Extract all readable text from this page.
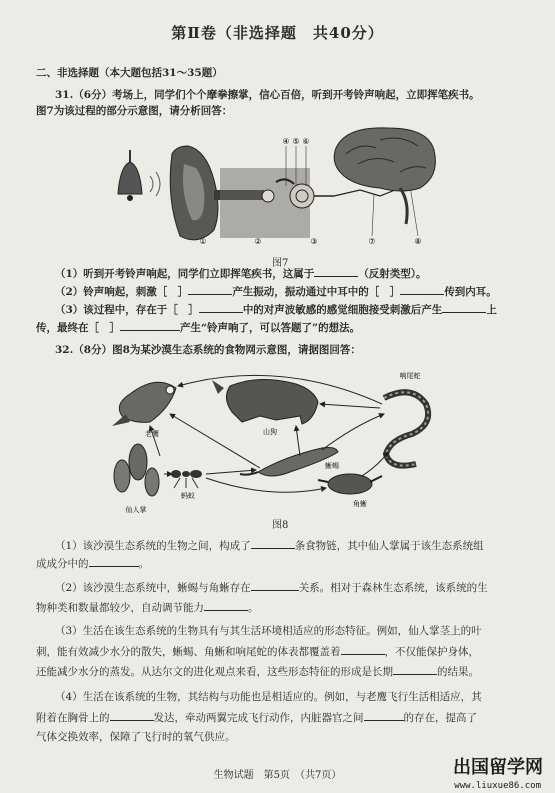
第Ⅱ卷（非选择题　共40分）
二、非选择题（本大题包括31～35题）
31.（6分）考场上，同学们个个摩拳擦掌，信心百倍，听到开考铃声响起，立即挥笔疾书。
图7为该过程的部分示意图，请分析回答：
①	②
④ ⑤ ⑥
③	⑦	⑧
图7
（1）听到开考铃声响起，同学们立即挥笔疾书，这属于	（反射类型）。
（2）铃声响起，刺激［　］	产生振动，振动通过中耳中的［　］	传到内耳。
（3）该过程中，存在于［　］	中的对声波敏感的感觉细胞接受刺激后产生	上
传，最终在［　］	产生“铃声响了，可以答题了”的想法。
32.（8分）图8为某沙漠生态系统的食物网示意图，请据图回答：
老鹰	山狗
响尾蛇
仙人掌
蚂蚁
蜥蜴
角蜥
图8
（1）该沙漠生态系统的生物之间，构成了	条食物链，其中仙人掌属于该生态系统组
成成分中的	。
（2）该沙漠生态系统中，蜥蜴与角蜥存在	关系。相对于森林生态系统，该系统的生
物种类和数量都较少，自动调节能力	。
（3）生活在该生态系统的生物具有与其生活环境相适应的形态特征。例如，仙人掌茎上的叶
刺，能有效减少水分的散失，蜥蜴、角蜥和响尾蛇的体表都覆盖着	，不仅能保护身体，
还能减少水分的蒸发。从达尔文的进化观点来看，这些形态特征的形成是长期	的结果。
（4）生活在该系统的生物，其结构与功能也是相适应的。例如，与老鹰飞行生活相适应，其
附着在胸骨上的	发达，牵动两翼完成飞行动作，内脏器官之间	的存在，提高了
气体交换效率，保障了飞行时的氧气供应。
生物试题　第5页　（共7页）	出国留学网
www.liuxue86.com
